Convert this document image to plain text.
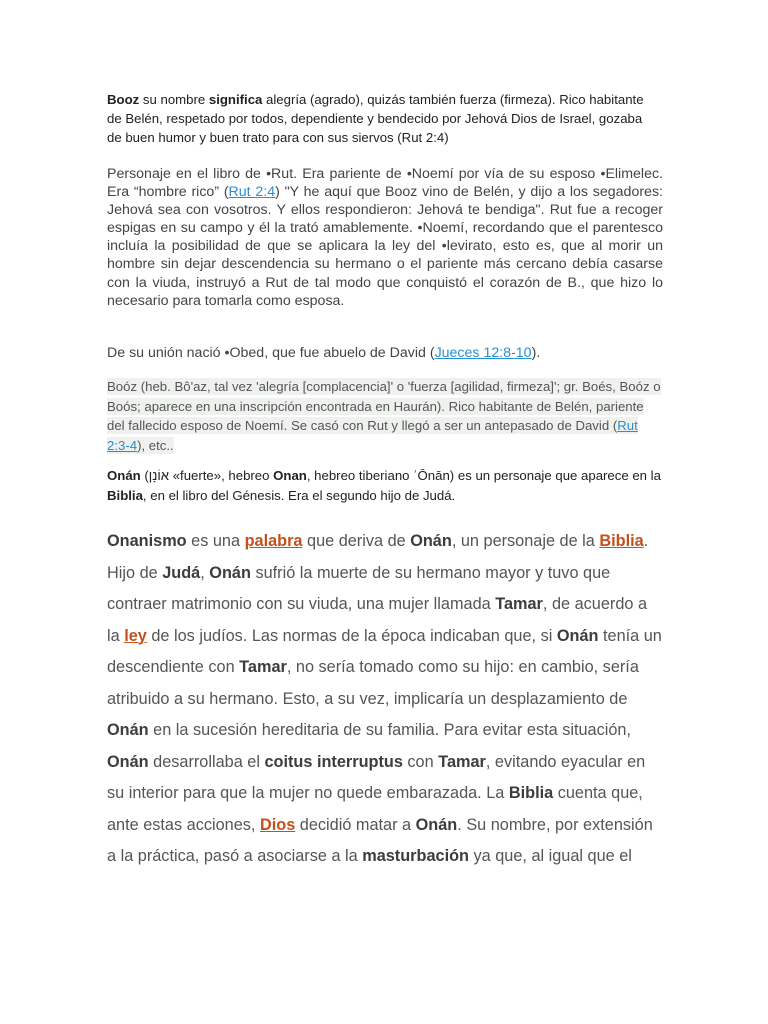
Booz su nombre significa alegría (agrado), quizás también fuerza (firmeza). Rico habitante de Belén, respetado por todos, dependiente y bendecido por Jehová Dios de Israel, gozaba de buen humor y buen trato para con sus siervos (Rut 2:4)

Personaje en el libro de •Rut. Era pariente de •Noemí por vía de su esposo •Elimelec. Era “hombre rico” (Rut 2:4) "Y he aquí que Booz vino de Belén, y dijo a los segadores: Jehová sea con vosotros. Y ellos respondieron: Jehová te bendiga". Rut fue a recoger espigas en su campo y él la trató amablemente. •Noemí, recordando que el parentesco incluía la posibilidad de que se aplicara la ley del •levirato, esto es, que al morir un hombre sin dejar descendencia su hermano o el pariente más cercano debía casarse con la viuda, instruyó a Rut de tal modo que conquistó el corazón de B., que hizo lo necesario para tomarla como esposa.

De su unión nació •Obed, que fue abuelo de David (Jueces 12:8-10).

Boóz (heb. Bô'az, tal vez 'alegría [complacencia]' o 'fuerza [agilidad, firmeza]'; gr. Boés, Boóz o Boós; aparece en una inscripción encontrada en Haurán). Rico habitante de Belén, pariente del fallecido esposo de Noemí. Se casó con Rut y llegó a ser un antepasado de David (Rut 2:3-4), etc..

Onán (אוֹנָן «fuerte», hebreo Onan, hebreo tiberiano ʾŌnān) es un personaje que aparece en la Biblia, en el libro del Génesis. Era el segundo hijo de Judá.

Onanismo es una palabra que deriva de Onán, un personaje de la Biblia. Hijo de Judá, Onán sufrió la muerte de su hermano mayor y tuvo que contraer matrimonio con su viuda, una mujer llamada Tamar, de acuerdo a la ley de los judíos. Las normas de la época indicaban que, si Onán tenía un descendiente con Tamar, no sería tomado como su hijo: en cambio, sería atribuido a su hermano. Esto, a su vez, implicaría un desplazamiento de Onán en la sucesión hereditaria de su familia. Para evitar esta situación, Onán desarrollaba el coitus interruptus con Tamar, evitando eyacular en su interior para que la mujer no quede embarazada. La Biblia cuenta que, ante estas acciones, Dios decidió matar a Onán. Su nombre, por extensión a la práctica, pasó a asociarse a la masturbación ya que, al igual que el
